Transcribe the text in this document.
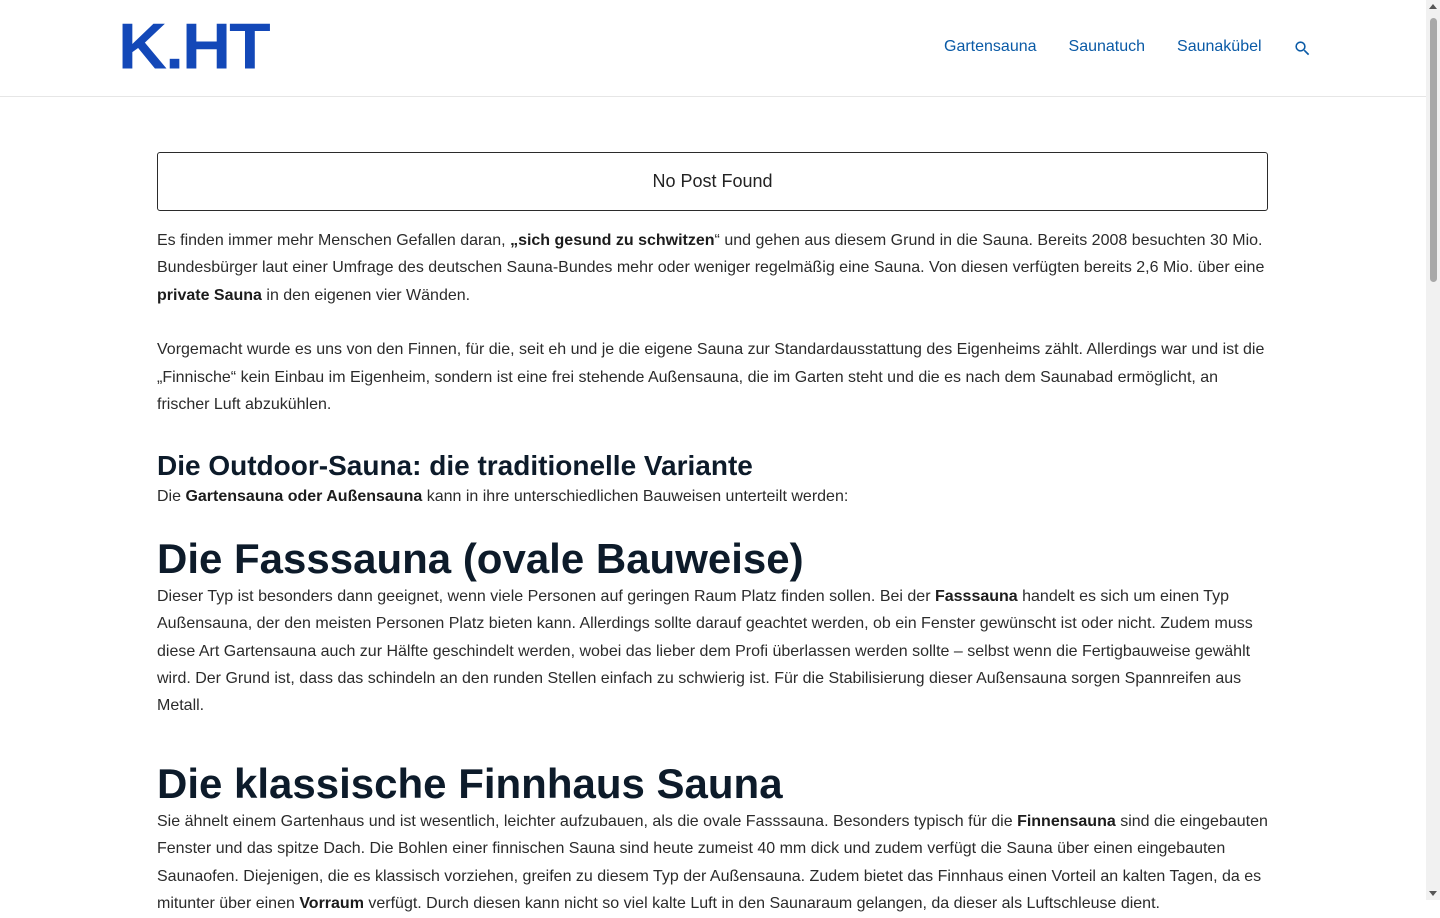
K.HT	Gartensauna Saunatuch Saunakübel
No Post Found

Es finden immer mehr Menschen Gefallen daran, „sich gesund zu schwitzen“ und gehen aus diesem Grund in die Sauna. Bereits 2008 besuchten 30 Mio. Bundesbürger laut einer Umfrage des deutschen Sauna-Bundes mehr oder weniger regelmäßig eine Sauna. Von diesen verfügten bereits 2,6 Mio. über eine private Sauna in den eigenen vier Wänden.

Vorgemacht wurde es uns von den Finnen, für die, seit eh und je die eigene Sauna zur Standardausstattung des Eigenheims zählt. Allerdings war und ist die „Finnische“ kein Einbau im Eigenheim, sondern ist eine frei stehende Außensauna, die im Garten steht und die es nach dem Saunabad ermöglicht, an frischer Luft abzukühlen.

Die Outdoor-Sauna: die traditionelle Variante

Die Gartensauna oder Außensauna kann in ihre unterschiedlichen Bauweisen unterteilt werden:

Die Fasssauna (ovale Bauweise)

Dieser Typ ist besonders dann geeignet, wenn viele Personen auf geringen Raum Platz finden sollen. Bei der Fasssauna handelt es sich um einen Typ Außensauna, der den meisten Personen Platz bieten kann. Allerdings sollte darauf geachtet werden, ob ein Fenster gewünscht ist oder nicht. Zudem muss diese Art Gartensauna auch zur Hälfte geschindelt werden, wobei das lieber dem Profi überlassen werden sollte – selbst wenn die Fertigbauweise gewählt wird. Der Grund ist, dass das schindeln an den runden Stellen einfach zu schwierig ist. Für die Stabilisierung dieser Außensauna sorgen Spannreifen aus Metall.

Die klassische Finnhaus Sauna

Sie ähnelt einem Gartenhaus und ist wesentlich, leichter aufzubauen, als die ovale Fasssauna. Besonders typisch für die Finnensauna sind die eingebauten Fenster und das spitze Dach. Die Bohlen einer finnischen Sauna sind heute zumeist 40 mm dick und zudem verfügt die Sauna über einen eingebauten Saunaofen. Diejenigen, die es klassisch vorziehen, greifen zu diesem Typ der Außensauna. Zudem bietet das Finnhaus einen Vorteil an kalten Tagen, da es mitunter über einen Vorraum verfügt. Durch diesen kann nicht so viel kalte Luft in den Saunaraum gelangen, da dieser als Luftschleuse dient.
